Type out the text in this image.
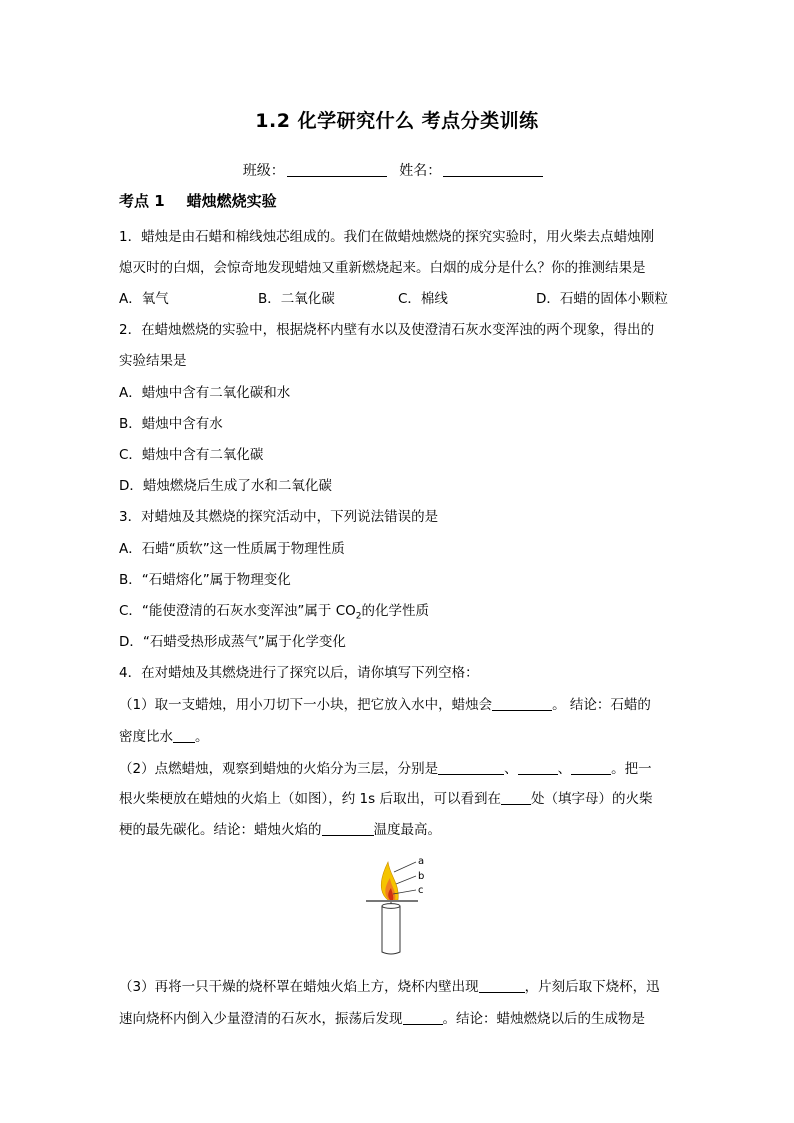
1.2 化学研究什么 考点分类训练
班级：	姓名：
考点 1 蜡烛燃烧实验
1．蜡烛是由石蜡和棉线烛芯组成的。我们在做蜡烛燃烧的探究实验时，用火柴去点蜡烛刚
熄灭时的白烟，会惊奇地发现蜡烛又重新燃烧起来。白烟的成分是什么？你的推测结果是
A．氧气	B．二氧化碳	C．棉线	D．石蜡的固体小颗粒
2．在蜡烛燃烧的实验中，根据烧杯内壁有水以及使澄清石灰水变浑浊的两个现象，得出的
实验结果是
A．蜡烛中含有二氧化碳和水
B．蜡烛中含有水
C．蜡烛中含有二氧化碳
D．蜡烛燃烧后生成了水和二氧化碳
3．对蜡烛及其燃烧的探究活动中，下列说法错误的是
A．石蜡“质软”这一性质属于物理性质
B．“石蜡熔化”属于物理变化
C．“能使澄清的石灰水变浑浊”属于 $CO_2$的化学性质
D．“石蜡受热形成蒸气”属于化学变化
4．在对蜡烛及其燃烧进行了探究以后，请你填写下列空格：
（1）取一支蜡烛，用小刀切下一小块，把它放入水中，蜡烛会	。 结论：石蜡的
密度比水 。
（2）点燃蜡烛，观察到蜡烛的火焰分为三层，分别是	、	、	。把一
根火柴梗放在蜡烛的火焰上（如图），约 1s 后取出，可以看到在 处（填字母）的火柴
梗的最先碳化。结论：蜡烛火焰的	温度最高。
a
b
c
（3）再将一只干燥的烧杯罩在蜡烛火焰上方，烧杯内壁出现	，片刻后取下烧杯，迅
速向烧杯内倒入少量澄清的石灰水，振荡后发现	。结论：蜡烛燃烧以后的生成物是
